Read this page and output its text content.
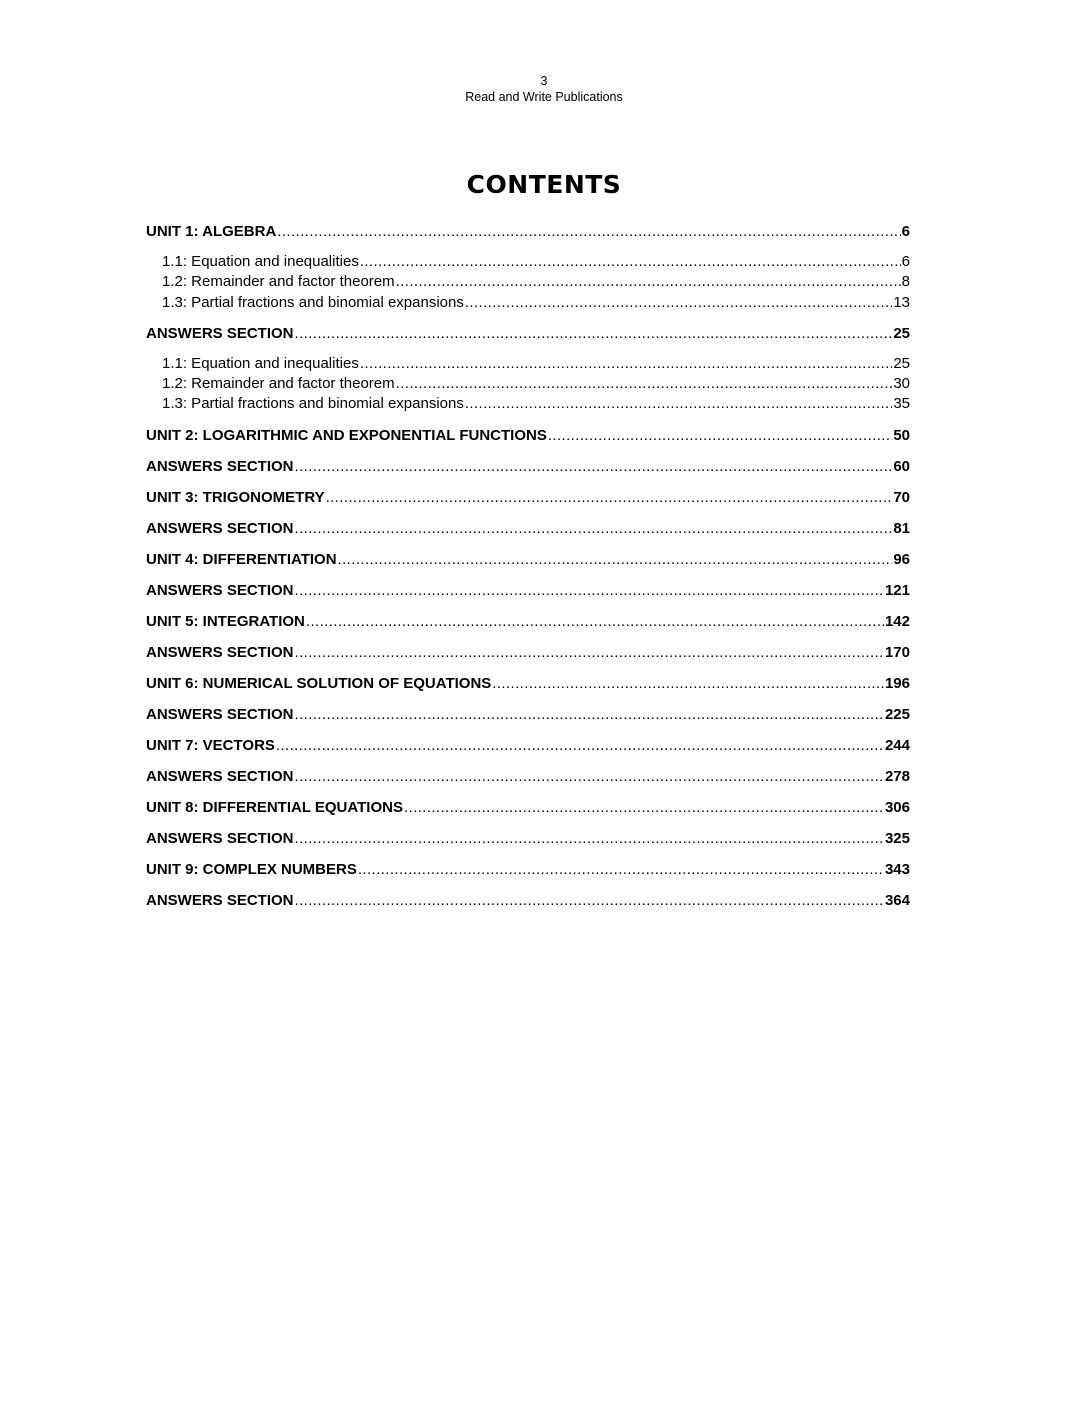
3
Read and Write Publications
CONTENTS
UNIT 1: ALGEBRA .....	6
1.1: Equation and inequalities .....	6
1.2: Remainder and factor theorem .....	8
1.3: Partial fractions and binomial expansions .....	13
ANSWERS SECTION .....	25
1.1: Equation and inequalities .....	25
1.2: Remainder and factor theorem .....	30
1.3: Partial fractions and binomial expansions .....	35
UNIT 2: LOGARITHMIC AND EXPONENTIAL FUNCTIONS .....	50
ANSWERS SECTION .....	60
UNIT 3: TRIGONOMETRY .....	70
ANSWERS SECTION .....	81
UNIT 4: DIFFERENTIATION .....	96
ANSWERS SECTION .....	121
UNIT 5: INTEGRATION .....	142
ANSWERS SECTION .....	170
UNIT 6: NUMERICAL SOLUTION OF EQUATIONS .....	196
ANSWERS SECTION .....	225
UNIT 7: VECTORS .....	244
ANSWERS SECTION .....	278
UNIT 8: DIFFERENTIAL EQUATIONS .....	306
ANSWERS SECTION .....	325
UNIT 9: COMPLEX NUMBERS .....	343
ANSWERS SECTION .....	364
